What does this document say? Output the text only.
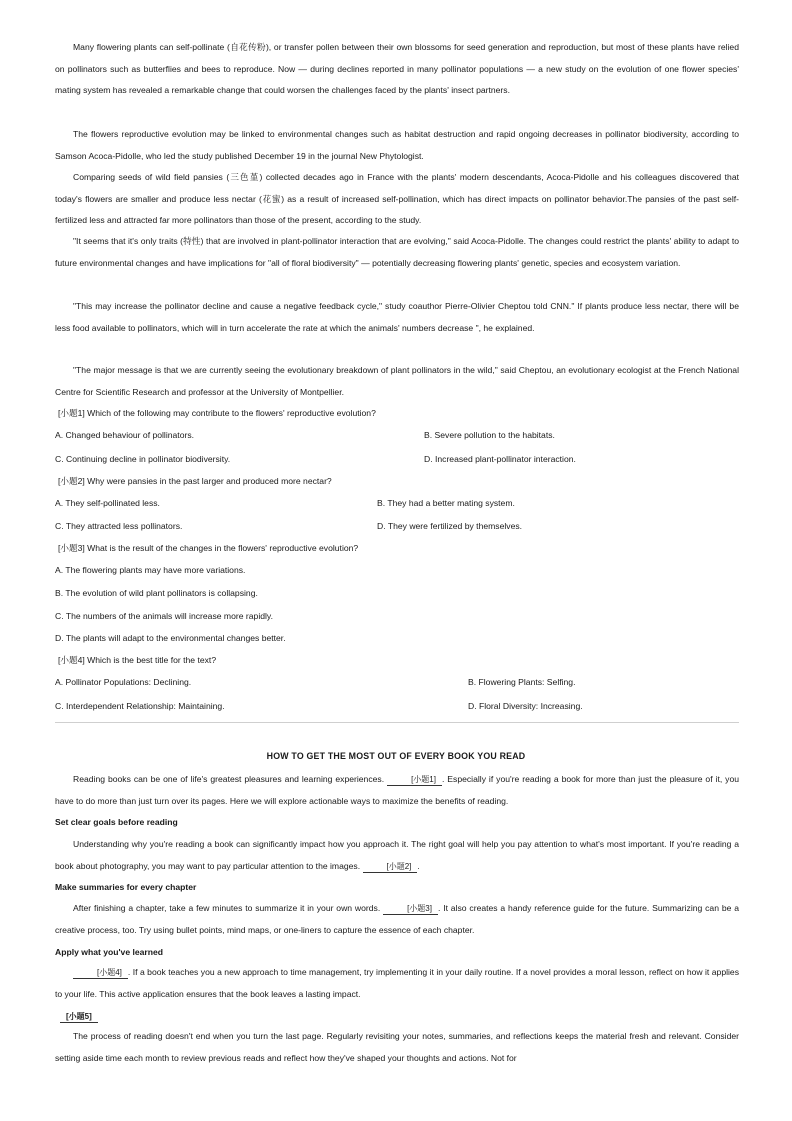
Many flowering plants can self-pollinate (自花传粉), or transfer pollen between their own blossoms for seed generation and reproduction, but most of these plants have relied on pollinators such as butterflies and bees to reproduce. Now — during declines reported in many pollinator populations — a new study on the evolution of one flower species' mating system has revealed a remarkable change that could worsen the challenges faced by the plants' insect partners.

The flowers reproductive evolution may be linked to environmental changes such as habitat destruction and rapid ongoing decreases in pollinator biodiversity, according to Samson Acoca-Pidolle, who led the study published December 19 in the journal New Phytologist.

Comparing seeds of wild field pansies (三色堇) collected decades ago in France with the plants' modern descendants, Acoca-Pidolle and his colleagues discovered that today's flowers are smaller and produce less nectar (花蜜) as a result of increased self-pollination, which has direct impacts on pollinator behavior.The pansies of the past self-fertilized less and attracted far more pollinators than those of the present, according to the study.

"It seems that it's only traits (特性) that are involved in plant-pollinator interaction that are evolving," said Acoca-Pidolle. The changes could restrict the plants' ability to adapt to future environmental changes and have implications for "all of floral biodiversity" — potentially decreasing flowering plants' genetic, species and ecosystem variation.

"This may increase the pollinator decline and cause a negative feedback cycle," study coauthor Pierre-Olivier Cheptou told CNN." If plants produce less nectar, there will be less food available to pollinators, which will in turn accelerate the rate at which the animals' numbers decrease ", he explained.

"The major message is that we are currently seeing the evolutionary breakdown of plant pollinators in the wild," said Cheptou, an evolutionary ecologist at the French National Centre for Scientific Research and professor at the University of Montpellier.

[小题1] Which of the following may contribute to the flowers' reproductive evolution?

A. Changed behaviour of pollinators.	B. Severe pollution to the habitats.

C. Continuing decline in pollinator biodiversity.	D. Increased plant-pollinator interaction.

[小题2] Why were pansies in the past larger and produced more nectar?

A. They self-pollinated less.	B. They had a better mating system.

C. They attracted less pollinators.	D. They were fertilized by themselves.

[小题3] What is the result of the changes in the flowers' reproductive evolution?

A. The flowering plants may have more variations.

B. The evolution of wild plant pollinators is collapsing.

C. The numbers of the animals will increase more rapidly.

D. The plants will adapt to the environmental changes better.

[小题4] Which is the best title for the text?

A. Pollinator Populations: Declining.	B. Flowering Plants: Selfing.

C. Interdependent Relationship: Maintaining.	D. Floral Diversity: Increasing.

HOW TO GET THE MOST OUT OF EVERY BOOK YOU READ

Reading books can be one of life's greatest pleasures and learning experiences.	[小题1] . Especially if you're reading a book for more than just the pleasure of it, you have to do more than just turn over its pages. Here we will explore actionable ways to maximize the benefits of reading.

Set clear goals before reading

Understanding why you're reading a book can significantly impact how you approach it. The right goal will help you pay attention to what's most important. If you're reading a book about photography, you may want to pay particular attention to the images.	[小题2] .

Make summaries for every chapter

After finishing a chapter, take a few minutes to summarize it in your own words.	[小题3] . It also creates a handy reference guide for the future. Summarizing can be a creative process, too. Try using bullet points, mind maps, or one-liners to capture the essence of each chapter.

Apply what you've learned

[小题4] . If a book teaches you a new approach to time management, try implementing it in your daily routine. If a novel provides a moral lesson, reflect on how it applies to your life. This active application ensures that the book leaves a lasting impact.

[小题5]

The process of reading doesn't end when you turn the last page. Regularly revisiting your notes, summaries, and reflections keeps the material fresh and relevant. Consider setting aside time each month to review previous reads and reflect how they've shaped your thoughts and actions. Not for
